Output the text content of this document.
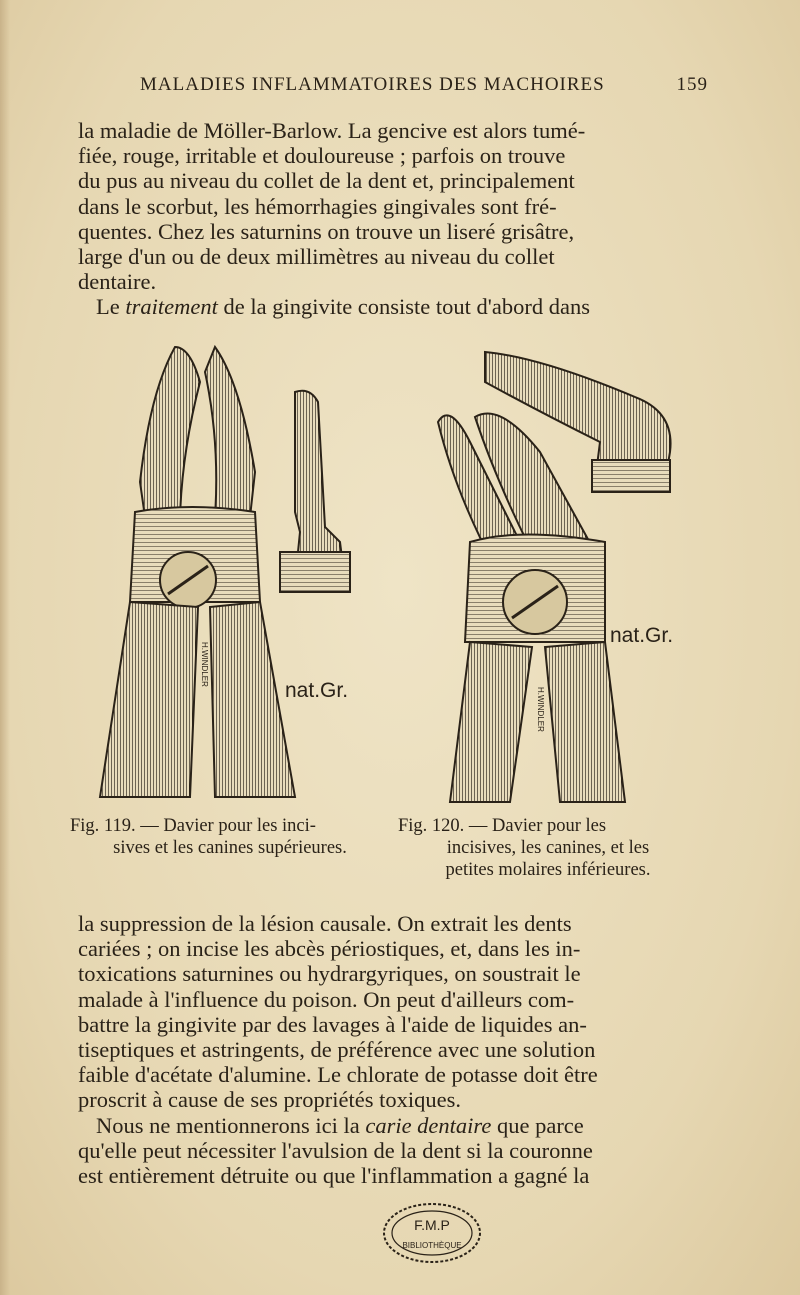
MALADIES INFLAMMATOIRES DES MACHOIRES	159

la maladie de Möller-Barlow. La gencive est alors tumé-

fiée, rouge, irritable et douloureuse ; parfois on trouve

du pus au niveau du collet de la dent et, principalement

dans le scorbut, les hémorrhagies gingivales sont fré-

quentes. Chez les saturnins on trouve un liseré grisâtre,

large d'un ou de deux millimètres au niveau du collet

dentaire.

Le traitement de la gingivite consiste tout d'abord dans

nat.Gr.
H.WINDLER
nat.Gr.
H.WINDLER
Fig. 119. — Davier pour les inci-
sives et les canines supérieures.
Fig. 120. — Davier pour les
incisives, les canines, et les
petites molaires inférieures.

la suppression de la lésion causale. On extrait les dents

cariées ; on incise les abcès périostiques, et, dans les in-

toxications saturnines ou hydrargyriques, on soustrait le

malade à l'influence du poison. On peut d'ailleurs com-

battre la gingivite par des lavages à l'aide de liquides an-

tiseptiques et astringents, de préférence avec une solution

faible d'acétate d'alumine. Le chlorate de potasse doit être

proscrit à cause de ses propriétés toxiques.

Nous ne mentionnerons ici la carie dentaire que parce

qu'elle peut nécessiter l'avulsion de la dent si la couronne

est entièrement détruite ou que l'inflammation a gagné la

F.M.P
BIBLIOTHÈQUE
